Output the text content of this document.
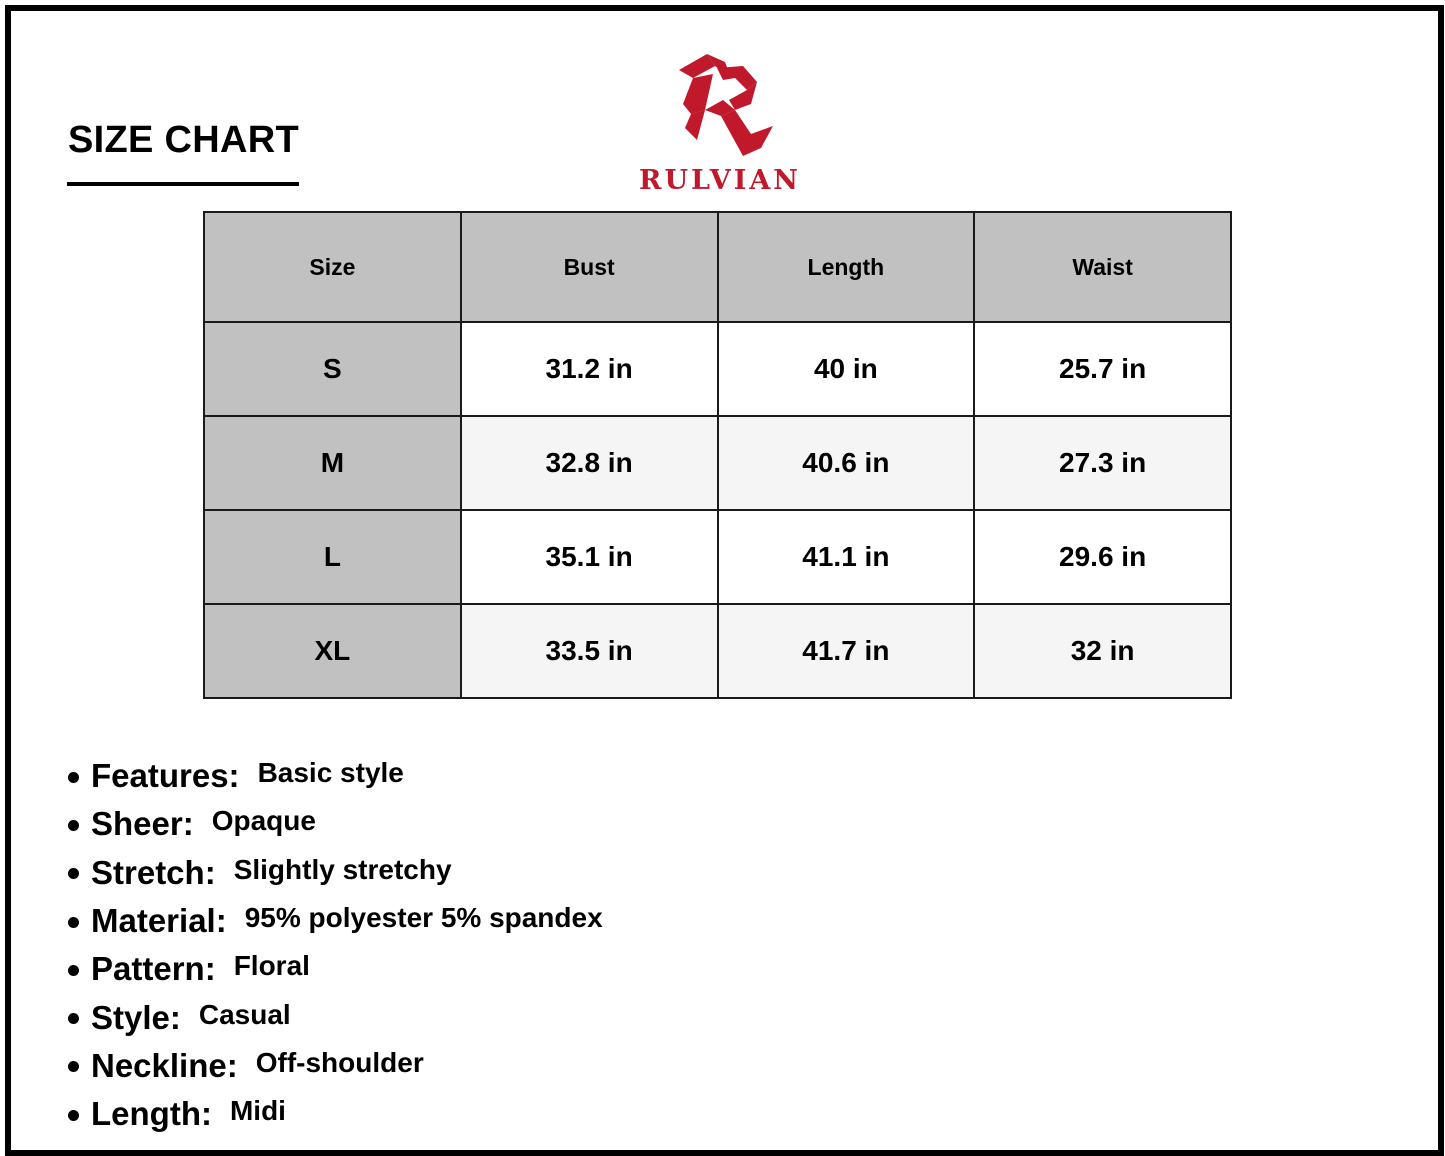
SIZE CHART
RULVIAN
Size	Bust	Length	Waist
S	31.2 in	40 in	25.7 in
M	32.8 in	40.6 in	27.3 in
L	35.1 in	41.1 in	29.6 in
XL	33.5 in	41.7 in	32 in
Features: Basic style
Sheer: Opaque
Stretch: Slightly stretchy
Material: 95% polyester 5% spandex
Pattern: Floral
Style: Casual
Neckline: Off-shoulder
Length: Midi
